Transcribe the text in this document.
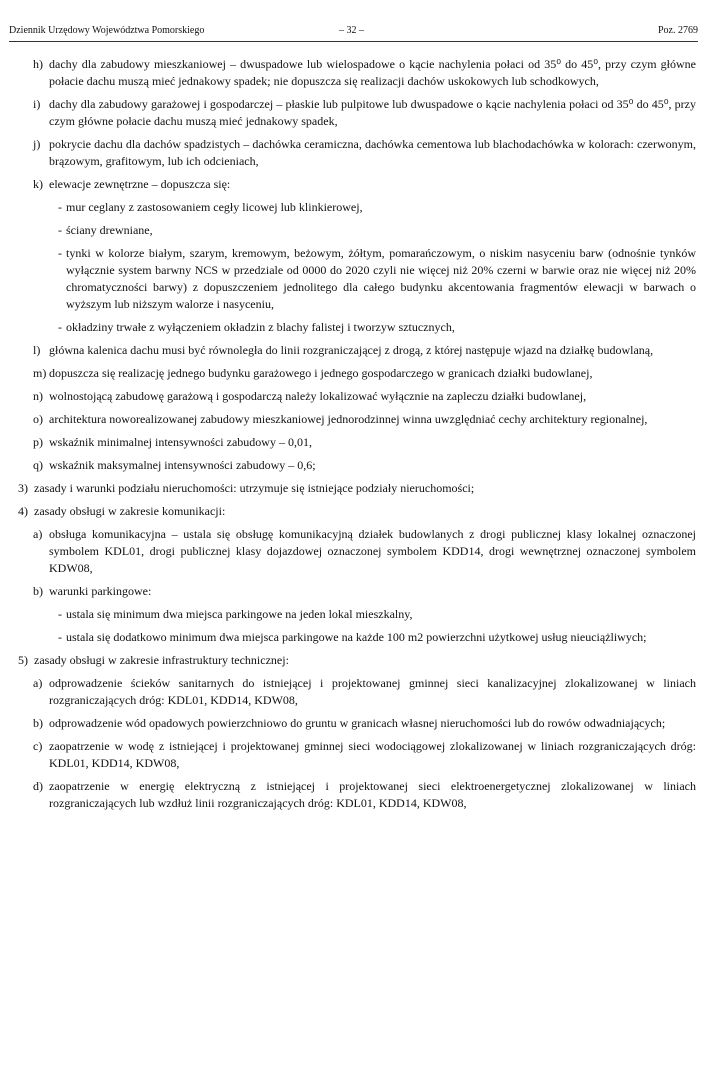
Dziennik Urzędowy Województwa Pomorskiego	– 32 –	Poz. 2769
h) dachy dla zabudowy mieszkaniowej – dwuspadowe lub wielospadowe o kącie nachylenia połaci od 35⁰ do 45⁰, przy czym główne połacie dachu muszą mieć jednakowy spadek; nie dopuszcza się realizacji dachów uskokowych lub schodkowych,
i) dachy dla zabudowy garażowej i gospodarczej – płaskie lub pulpitowe lub dwuspadowe o kącie nachylenia połaci od 35⁰ do 45⁰, przy czym główne połacie dachu muszą mieć jednakowy spadek,
j) pokrycie dachu dla dachów spadzistych – dachówka ceramiczna, dachówka cementowa lub blachodachówka w kolorach: czerwonym, brązowym, grafitowym, lub ich odcieniach,
k) elewacje zewnętrzne – dopuszcza się:
- mur ceglany z zastosowaniem cegły licowej lub klinkierowej,
- ściany drewniane,
- tynki w kolorze białym, szarym, kremowym, beżowym, żółtym, pomarańczowym, o niskim nasyceniu barw (odnośnie tynków wyłącznie system barwny NCS w przedziale od 0000 do 2020 czyli nie więcej niż 20% czerni w barwie oraz nie więcej niż 20% chromatyczności barwy) z dopuszczeniem jednolitego dla całego budynku akcentowania fragmentów elewacji w barwach o wyższym lub niższym walorze i nasyceniu,
- okładziny trwałe z wyłączeniem okładzin z blachy falistej i tworzyw sztucznych,
l) główna kalenica dachu musi być równoległa do linii rozgraniczającej z drogą, z której następuje wjazd na działkę budowlaną,
m) dopuszcza się realizację jednego budynku garażowego i jednego gospodarczego w granicach działki budowlanej,
n) wolnostojącą zabudowę garażową i gospodarczą należy lokalizować wyłącznie na zapleczu działki budowlanej,
o) architektura noworealizowanej zabudowy mieszkaniowej jednorodzinnej winna uwzględniać cechy architektury regionalnej,
p) wskaźnik minimalnej intensywności zabudowy – 0,01,
q) wskaźnik maksymalnej intensywności zabudowy – 0,6;
3) zasady i warunki podziału nieruchomości: utrzymuje się istniejące podziały nieruchomości;
4) zasady obsługi w zakresie komunikacji:
a) obsługa komunikacyjna – ustala się obsługę komunikacyjną działek budowlanych z drogi publicznej klasy lokalnej oznaczonej symbolem KDL01, drogi publicznej klasy dojazdowej oznaczonej symbolem KDD14, drogi wewnętrznej oznaczonej symbolem KDW08,
b) warunki parkingowe:
- ustala się minimum dwa miejsca parkingowe na jeden lokal mieszkalny,
- ustala się dodatkowo minimum dwa miejsca parkingowe na każde 100 m2 powierzchni użytkowej usług nieuciążliwych;
5) zasady obsługi w zakresie infrastruktury technicznej:
a) odprowadzenie ścieków sanitarnych do istniejącej i projektowanej gminnej sieci kanalizacyjnej zlokalizowanej w liniach rozgraniczających dróg: KDL01, KDD14, KDW08,
b) odprowadzenie wód opadowych powierzchniowo do gruntu w granicach własnej nieruchomości lub do rowów odwadniających;
c) zaopatrzenie w wodę z istniejącej i projektowanej gminnej sieci wodociągowej zlokalizowanej w liniach rozgraniczających dróg: KDL01, KDD14, KDW08,
d) zaopatrzenie w energię elektryczną z istniejącej i projektowanej sieci elektroenergetycznej zlokalizowanej w liniach rozgraniczających lub wzdłuż linii rozgraniczających dróg: KDL01, KDD14, KDW08,
